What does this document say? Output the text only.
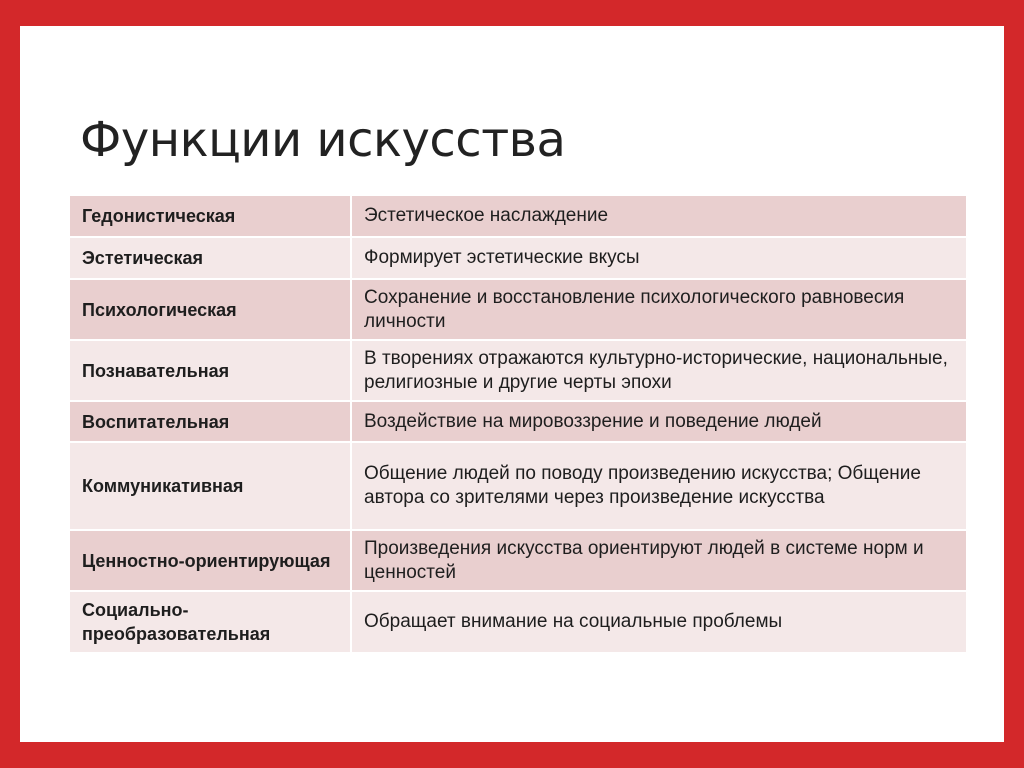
Функции искусства
Гедонистическая	Эстетическое наслаждение
Эстетическая	Формирует эстетические вкусы
Психологическая	Сохранение и восстановление психологического равновесия личности
Познавательная	В творениях отражаются культурно-исторические, национальные, религиозные и другие черты эпохи
Воспитательная	Воздействие на мировоззрение и поведение людей
Коммуникативная	Общение людей по поводу произведению искусства; Общение автора со зрителями через произведение искусства
Ценностно-ориентирующая	Произведения искусства ориентируют людей в системе норм и ценностей
Социально-преобразовательная	Обращает внимание на социальные проблемы
